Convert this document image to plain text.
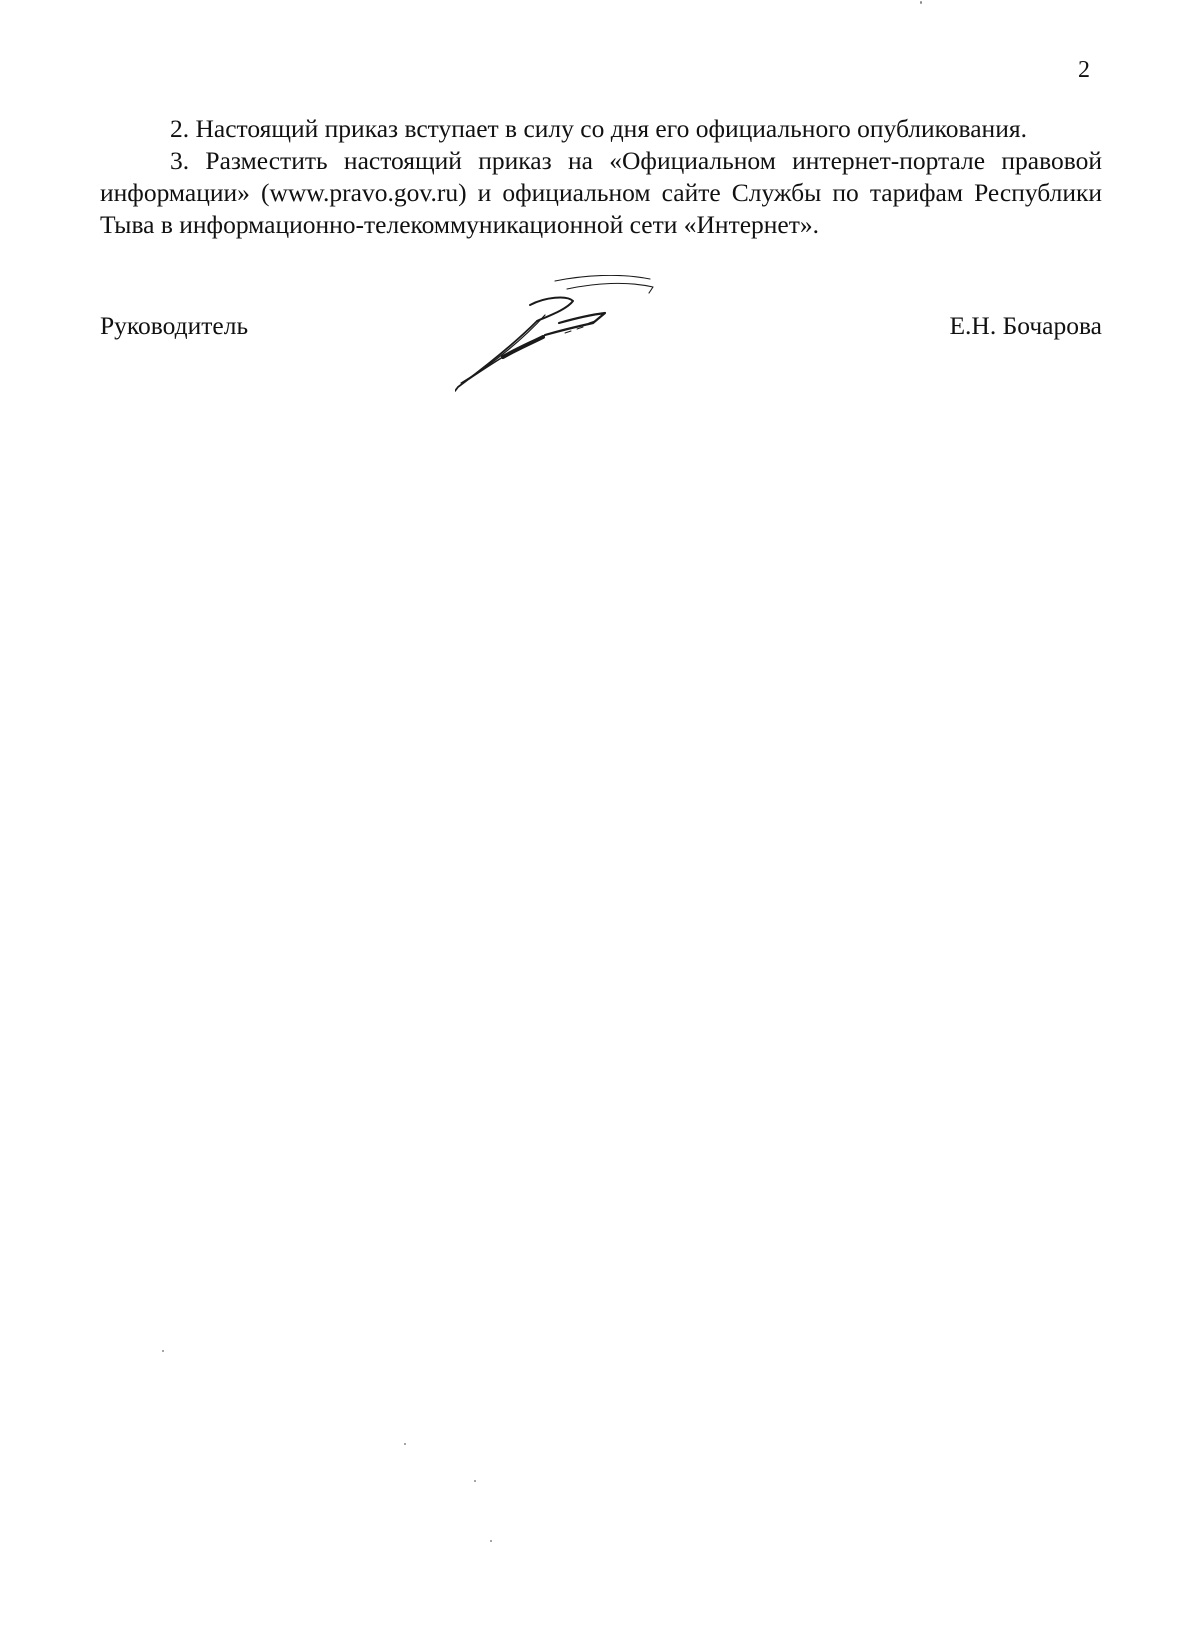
2

2. Настоящий приказ вступает в силу со дня его официального опубликования.

3. Разместить настоящий приказ на «Официальном интернет-портале правовой информации» (www.pravo.gov.ru) и официальном сайте Службы по тарифам Республики Тыва в информационно-телекоммуникационной сети «Интернет».

Руководитель	Е.Н. Бочарова
